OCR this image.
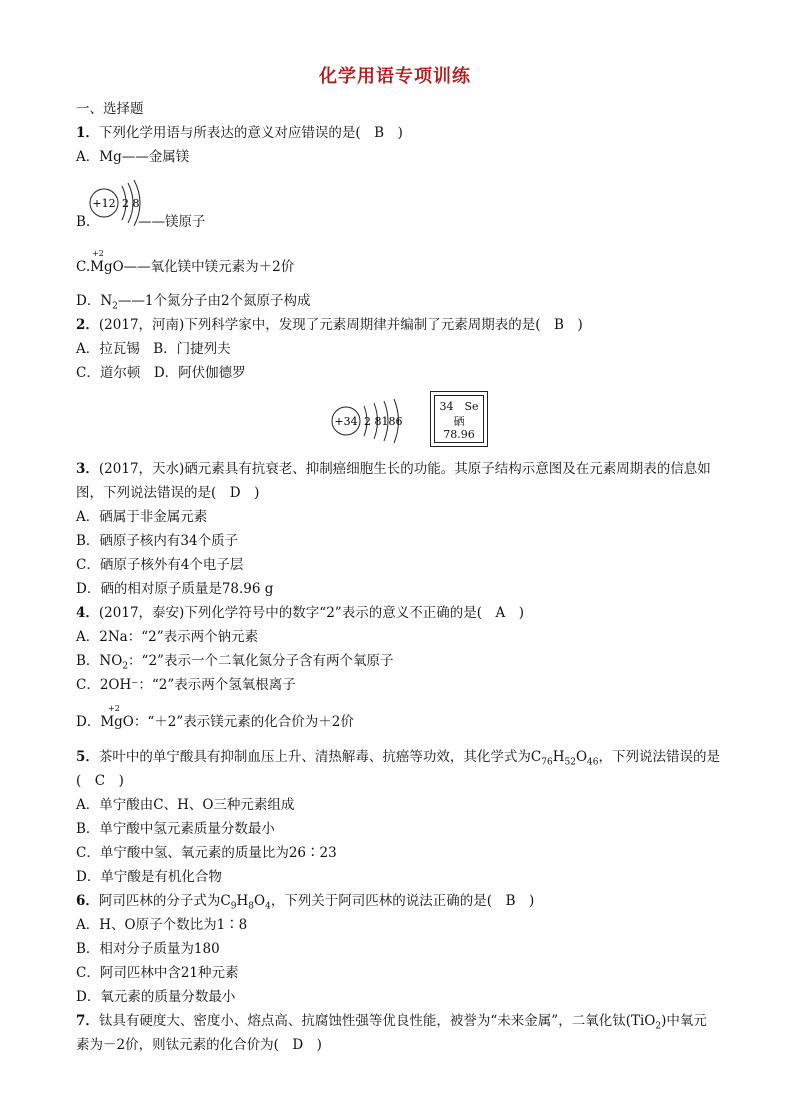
化学用语专项训练
一、选择题
1．下列化学用语与所表达的意义对应错误的是(　B　)
A．Mg——金属镁
B.
+12 2 8
——镁原子
+2
C.MgO——氧化镁中镁元素为＋2价
D．$N_2——1$个氮分子由2个氮原子构成
2．(2017，河南)下列科学家中，发现了元素周期律并编制了元素周期表的是(　B　)
A．拉瓦锡　B．门捷列夫
C．道尔顿　D．阿伏伽德罗
+34 2 8186
34　Se
硒
78.96
3．(2017，天水)硒元素具有抗衰老、抑制癌细胞生长的功能。其原子结构示意图及在元素周期表的信息如
图，下列说法错误的是(　D　)
A．硒属于非金属元素
B．硒原子核内有34个质子
C．硒原子核外有4个电子层
D．硒的相对原子质量是78.96 g
4．(2017，泰安)下列化学符号中的数字“2”表示的意义不正确的是(　A　)
A．2Na：“2”表示两个钠元素
B．$NO_2$：“2”表示一个二氧化氮分子含有两个氧原子
C．2OH⁻：“2”表示两个氢氧根离子
+2
D．MgO：“＋2”表示镁元素的化合价为＋2价
5．茶叶中的单宁酸具有抑制血压上升、清热解毒、抗癌等功效，其化学式为$C_{76}H_{52}O_{46}$，下列说法错误的是
(　C　)
A．单宁酸由C、H、O三种元素组成
B．单宁酸中氢元素质量分数最小
C．单宁酸中氢、氧元素的质量比为26∶23
D．单宁酸是有机化合物
6．阿司匹林的分子式为$C_9H_8O_4$，下列关于阿司匹林的说法正确的是(　B　)
A．H、O原子个数比为1∶8
B．相对分子质量为180
C．阿司匹林中含21种元素
D．氧元素的质量分数最小
7．钛具有硬度大、密度小、熔点高、抗腐蚀性强等优良性能，被誉为“未来金属”，二氧化钛(TiO$_2$)中氧元
素为－2价，则钛元素的化合价为(　D　)
